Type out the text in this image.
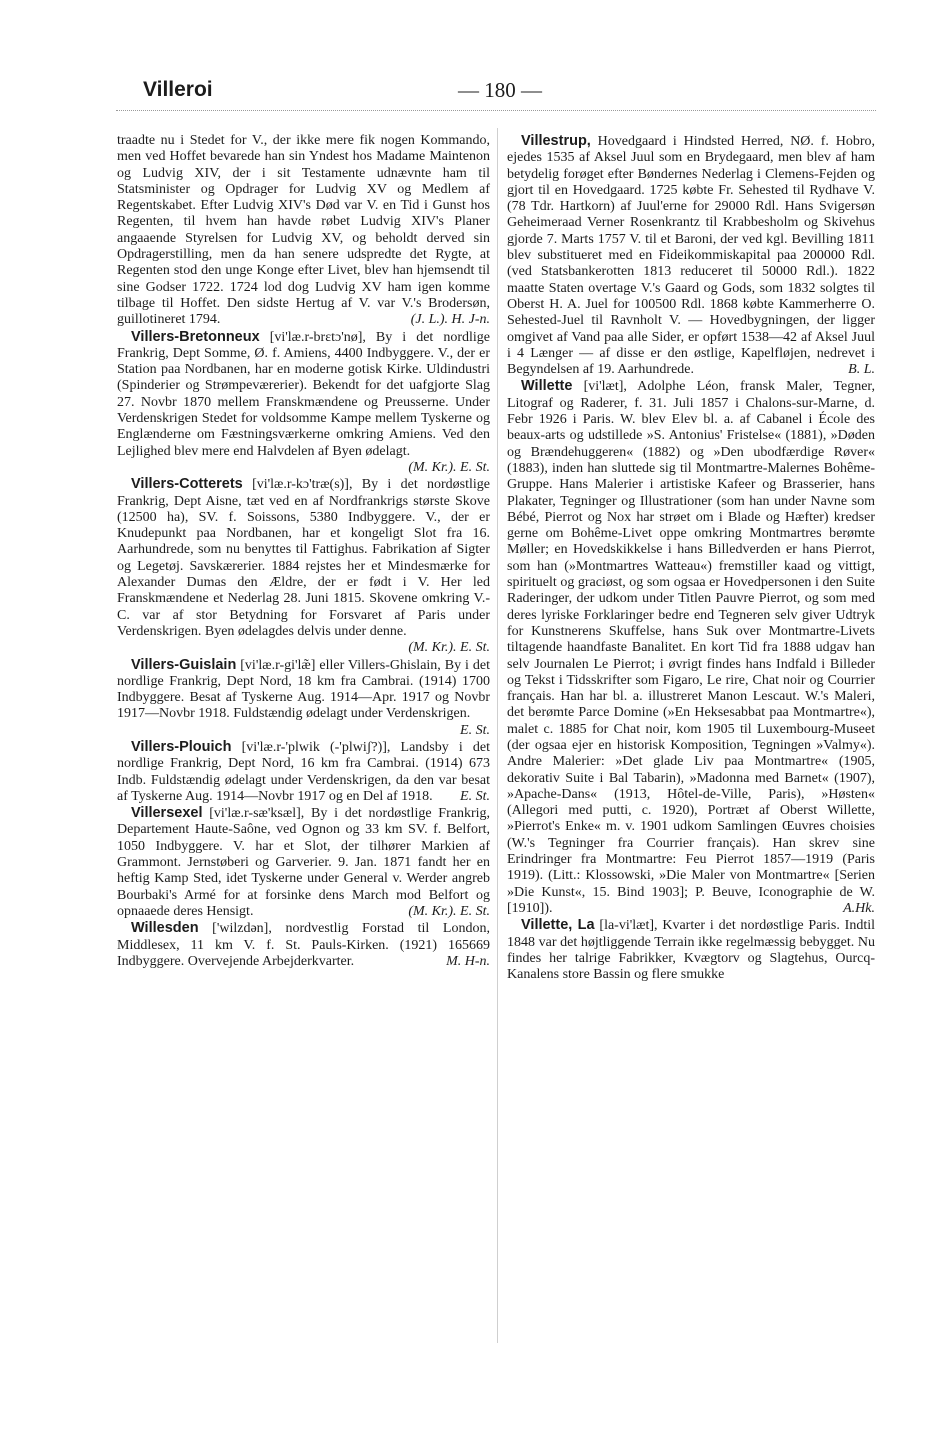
Villeroi	— 180 —

traadte nu i Stedet for V., der ikke mere fik nogen Kommando, men ved Hoffet bevarede han sin Yndest hos Madame Maintenon og Ludvig XIV, der i sit Testamente udnævnte ham til Statsminister og Opdrager for Ludvig XV og Medlem af Regentskabet. Efter Ludvig XIV's Død var V. en Tid i Gunst hos Regenten, til hvem han havde røbet Ludvig XIV's Planer angaaende Styrelsen for Ludvig XV, og beholdt derved sin Opdragerstilling, men da han senere udspredte det Rygte, at Regenten stod den unge Konge efter Livet, blev han hjemsendt til sine Godser 1722. 1724 lod dog Ludvig XV ham igen komme tilbage til Hoffet. Den sidste Hertug af V. var V.'s Brodersøn, guillotineret 1794.	(J. L.). H. J-n.

Villers-Bretonneux [vi'læ.r-brɛtɔ'nø], By i det nordlige Frankrig, Dept Somme, Ø. f. Amiens, 4400 Indbyggere. V., der er Station paa Nordbanen, har en moderne gotisk Kirke. Uldindustri (Spinderier og Strømpeværerier). Bekendt for det uafgjorte Slag 27. Novbr 1870 mellem Franskmændene og Preusserne. Under Verdenskrigen Stedet for voldsomme Kampe mellem Tyskerne og Englænderne om Fæstningsværkerne omkring Amiens. Ved den Lejlighed blev mere end Halvdelen af Byen ødelagt.
(M. Kr.). E. St.

Villers-Cotterets [vi'læ.r-kɔ'træ(s)], By i det nordøstlige Frankrig, Dept Aisne, tæt ved en af Nordfrankrigs største Skove (12500 ha), SV. f. Soissons, 5380 Indbyggere. V., der er Knudepunkt paa Nordbanen, har et kongeligt Slot fra 16. Aarhundrede, som nu benyttes til Fattighus. Fabrikation af Sigter og Legetøj. Savskærerier. 1884 rejstes her et Mindesmærke for Alexander Dumas den Ældre, der er født i V. Her led Franskmændene et Nederlag 28. Juni 1815. Skovene omkring V.-C. var af stor Betydning for Forsvaret af Paris under Verdenskrigen. Byen ødelagdes delvis under denne.
(M. Kr.). E. St.

Villers-Guislain [vi'læ.r-gi'læ̃] eller Villers-Ghislain, By i det nordlige Frankrig, Dept Nord, 18 km fra Cambrai. (1914) 1700 Indbyggere. Besat af Tyskerne Aug. 1914—Apr. 1917 og Novbr 1917—Novbr 1918. Fuldstændig ødelagt under Verdenskrigen.
E. St.

Villers-Plouich [vi'læ.r-'plwik (-'plwiʃ?)], Landsby i det nordlige Frankrig, Dept Nord, 16 km fra Cambrai. (1914) 673 Indb. Fuldstændig ødelagt under Verdenskrigen, da den var besat af Tyskerne Aug. 1914—Novbr 1917 og en Del af 1918.	E. St.

Villersexel [vi'læ.r-sæ'ksæl], By i det nordøstlige Frankrig, Departement Haute-Saône, ved Ognon og 33 km SV. f. Belfort, 1050 Indbyggere. V. har et Slot, der tilhører Markien af Grammont. Jernstøberi og Garverier. 9. Jan. 1871 fandt her en heftig Kamp Sted, idet Tyskerne under General v. Werder angreb Bourbaki's Armé for at forsinke dens March mod Belfort og opnaaede deres Hensigt.	(M. Kr.). E. St.

Willesden ['wilzdən], nordvestlig Forstad til London, Middlesex, 11 km V. f. St. Pauls-Kirken. (1921) 165669 Indbyggere. Overvejende Arbejderkvarter.	M. H-n.

Villestrup, Hovedgaard i Hindsted Herred, NØ. f. Hobro, ejedes 1535 af Aksel Juul som en Brydegaard, men blev af ham betydelig forøget efter Bøndernes Nederlag i Clemens-Fejden og gjort til en Hovedgaard. 1725 købte Fr. Sehested til Rydhave V. (78 Tdr. Hartkorn) af Juul'erne for 29000 Rdl. Hans Svigersøn Geheimeraad Verner Rosenkrantz til Krabbesholm og Skivehus gjorde 7. Marts 1757 V. til et Baroni, der ved kgl. Bevilling 1811 blev substitueret med en Fideikommiskapital paa 200000 Rdl. (ved Statsbankerotten 1813 reduceret til 50000 Rdl.). 1822 maatte Staten overtage V.'s Gaard og Gods, som 1832 solgtes til Oberst H. A. Juel for 100500 Rdl. 1868 købte Kammerherre O. Sehested-Juel til Ravnholt V. — Hovedbygningen, der ligger omgivet af Vand paa alle Sider, er opført 1538—42 af Aksel Juul i 4 Længer — af disse er den østlige, Kapelfløjen, nedrevet i Begyndelsen af 19. Aarhundrede.	B. L.

Willette [vi'læt], Adolphe Léon, fransk Maler, Tegner, Litograf og Raderer, f. 31. Juli 1857 i Chalons-sur-Marne, d. Febr 1926 i Paris. W. blev Elev bl. a. af Cabanel i École des beaux-arts og udstillede »S. Antonius' Fristelse« (1881), »Døden og Brændehuggeren« (1882) og »Den ubodfærdige Røver« (1883), inden han sluttede sig til Montmartre-Malernes Bohême-Gruppe. Hans Malerier i artistiske Kafeer og Brasserier, hans Plakater, Tegninger og Illustrationer (som han under Navne som Bébé, Pierrot og Nox har strøet om i Blade og Hæfter) kredser gerne om Bohême-Livet oppe omkring Montmartres berømte Møller; en Hovedskikkelse i hans Billedverden er hans Pierrot, som han (»Montmartres Watteau«) fremstiller kaad og vittigt, spirituelt og graciøst, og som ogsaa er Hovedpersonen i den Suite Raderinger, der udkom under Titlen Pauvre Pierrot, og som med deres lyriske Forklaringer bedre end Tegneren selv giver Udtryk for Kunstnerens Skuffelse, hans Suk over Montmartre-Livets tiltagende haandfaste Banalitet. En kort Tid fra 1888 udgav han selv Journalen Le Pierrot; i øvrigt findes hans Indfald i Billeder og Tekst i Tidsskrifter som Figaro, Le rire, Chat noir og Courrier français. Han har bl. a. illustreret Manon Lescaut. W.'s Maleri, det berømte Parce Domine (»En Heksesabbat paa Montmartre«), malet c. 1885 for Chat noir, kom 1905 til Luxembourg-Museet (der ogsaa ejer en historisk Komposition, Tegningen »Valmy«). Andre Malerier: »Det glade Liv paa Montmartre« (1905, dekorativ Suite i Bal Tabarin), »Madonna med Barnet« (1907), »Apache-Dans« (1913, Hôtel-de-Ville, Paris), »Høsten« (Allegori med putti, c. 1920), Portræt af Oberst Willette, »Pierrot's Enke« m. v. 1901 udkom Samlingen Œuvres choisies (W.'s Tegninger fra Courrier français). Han skrev sine Erindringer fra Montmartre: Feu Pierrot 1857—1919 (Paris 1919). (Litt.: Klossowski, »Die Maler von Montmartre« [Serien »Die Kunst«, 15. Bind 1903]; P. Beuve, Iconographie de W. [1910]).	A.Hk.

Villette, La [la-vi'læt], Kvarter i det nordøstlige Paris. Indtil 1848 var det højtliggende Terrain ikke regelmæssig bebygget. Nu findes her talrige Fabrikker, Kvægtorv og Slagtehus, Ourcq-Kanalens store Bassin og flere smukke
